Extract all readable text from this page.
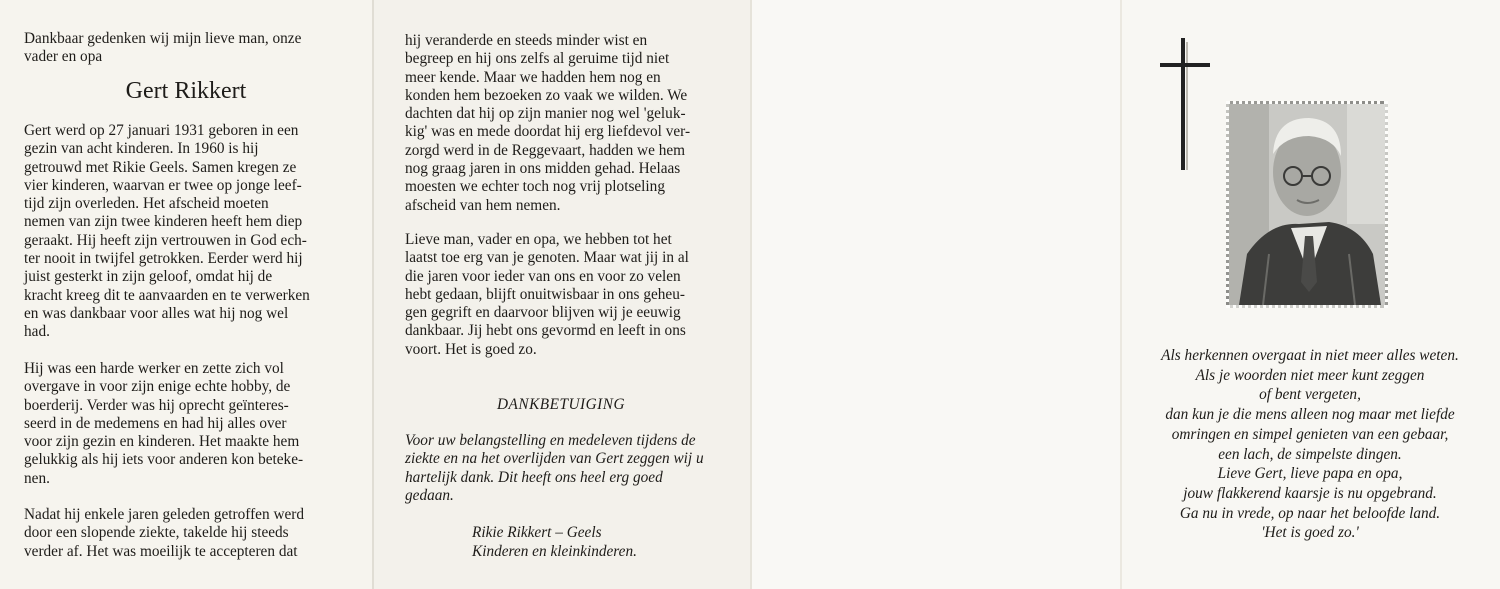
Dankbaar gedenken wij mijn lieve man, onze
vader en opa
Gert Rikkert
Gert werd op 27 januari 1931 geboren in een
gezin van acht kinderen. In 1960 is hij
getrouwd met Rikie Geels. Samen kregen ze
vier kinderen, waarvan er twee op jonge leef-
tijd zijn overleden. Het afscheid moeten
nemen van zijn twee kinderen heeft hem diep
geraakt. Hij heeft zijn vertrouwen in God ech-
ter nooit in twijfel getrokken. Eerder werd hij
juist gesterkt in zijn geloof, omdat hij de
kracht kreeg dit te aanvaarden en te verwerken
en was dankbaar voor alles wat hij nog wel
had.
Hij was een harde werker en zette zich vol
overgave in voor zijn enige echte hobby, de
boerderij. Verder was hij oprecht geïnteres-
seerd in de medemens en had hij alles over
voor zijn gezin en kinderen. Het maakte hem
gelukkig als hij iets voor anderen kon beteke-
nen.
Nadat hij enkele jaren geleden getroffen werd
door een slopende ziekte, takelde hij steeds
verder af. Het was moeilijk te accepteren dat
hij veranderde en steeds minder wist en
begreep en hij ons zelfs al geruime tijd niet
meer kende. Maar we hadden hem nog en
konden hem bezoeken zo vaak we wilden. We
dachten dat hij op zijn manier nog wel 'geluk-
kig' was en mede doordat hij erg liefdevol ver-
zorgd werd in de Reggevaart, hadden we hem
nog graag jaren in ons midden gehad. Helaas
moesten we echter toch nog vrij plotseling
afscheid van hem nemen.
Lieve man, vader en opa, we hebben tot het
laatst toe erg van je genoten. Maar wat jij in al
die jaren voor ieder van ons en voor zo velen
hebt gedaan, blijft onuitwisbaar in ons geheu-
gen gegrift en daarvoor blijven wij je eeuwig
dankbaar. Jij hebt ons gevormd en leeft in ons
voort. Het is goed zo.
DANKBETUIGING
Voor uw belangstelling en medeleven tijdens de
ziekte en na het overlijden van Gert zeggen wij u
hartelijk dank. Dit heeft ons heel erg goed
gedaan.
Rikie Rikkert – Geels
Kinderen en kleinkinderen.
Als herkennen overgaat in niet meer alles weten.
Als je woorden niet meer kunt zeggen
of bent vergeten,
dan kun je die mens alleen nog maar met liefde
omringen en simpel genieten van een gebaar,
een lach, de simpelste dingen.
Lieve Gert, lieve papa en opa,
jouw flakkerend kaarsje is nu opgebrand.
Ga nu in vrede, op naar het beloofde land.
'Het is goed zo.'
